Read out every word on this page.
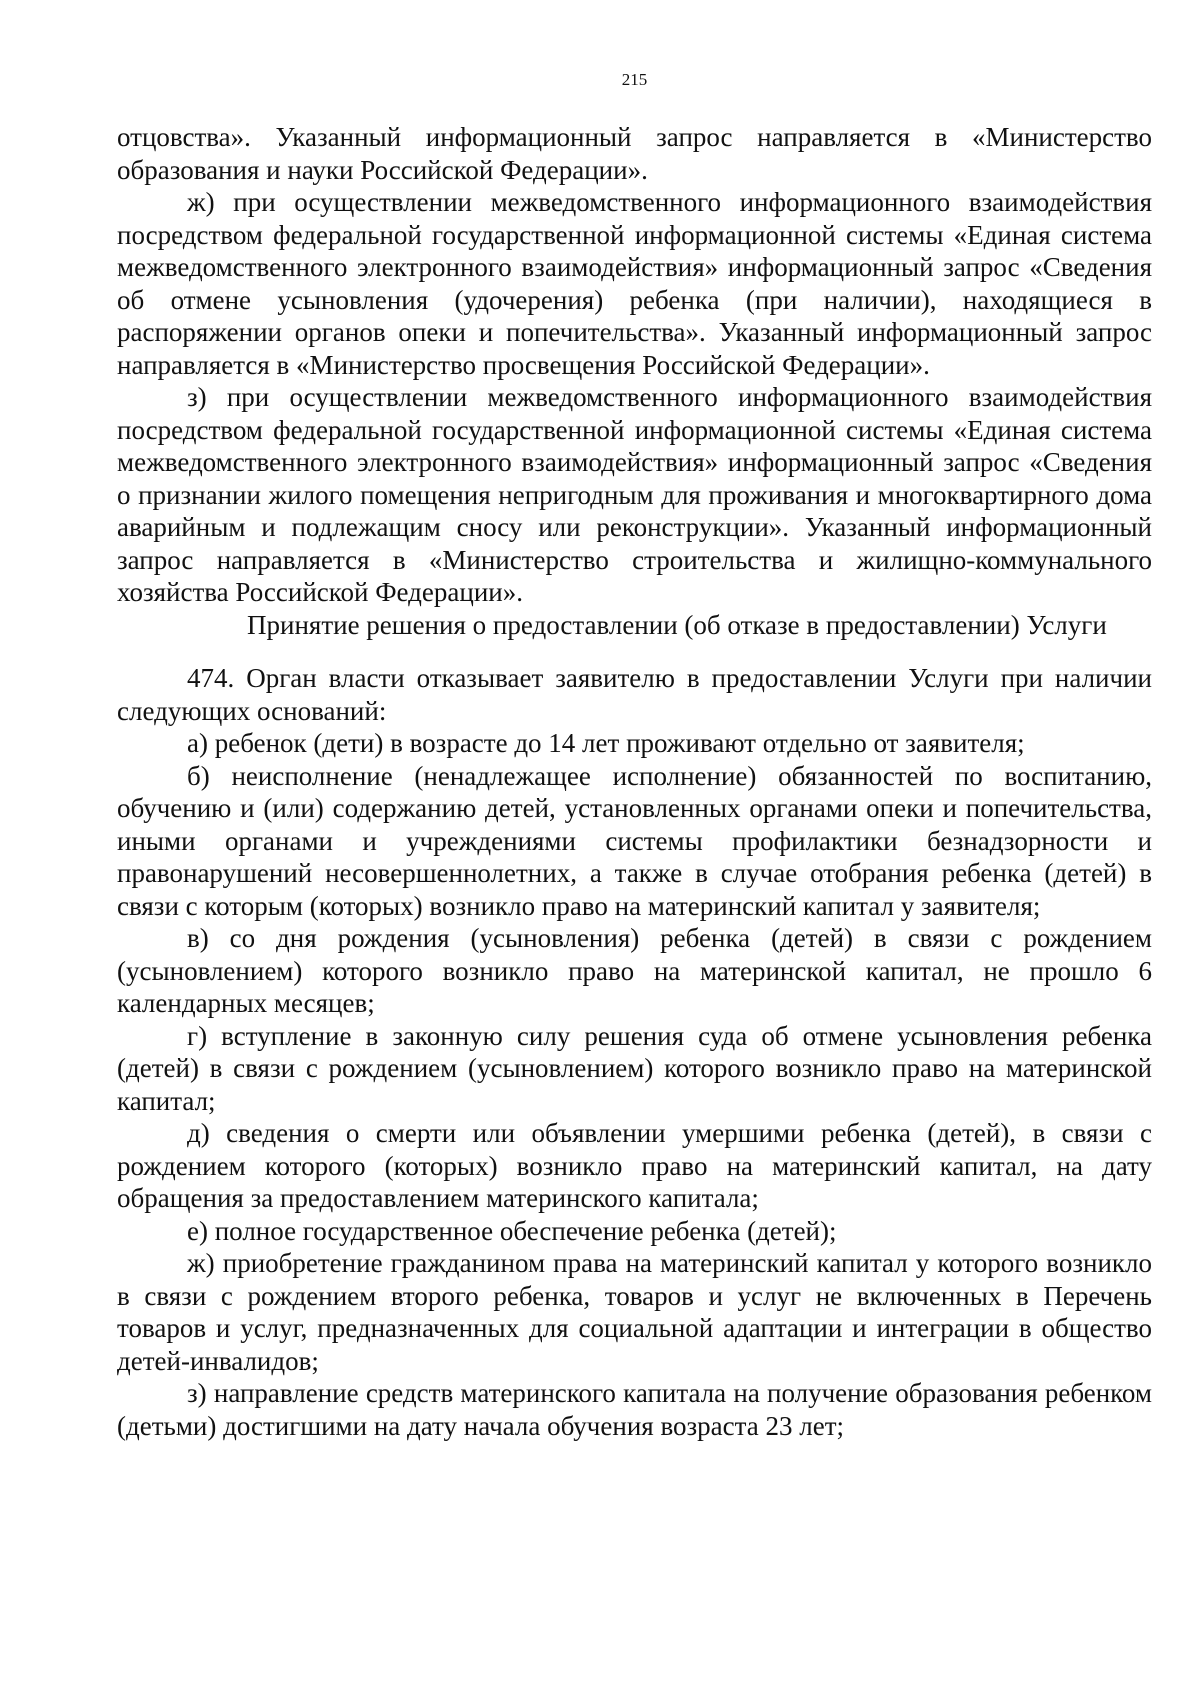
215

отцовства». Указанный информационный запрос направляется в «Министерство образования и науки Российской Федерации».

ж) при осуществлении межведомственного информационного взаимодействия посредством федеральной государственной информационной системы «Единая система межведомственного электронного взаимодействия» информационный запрос «Сведения об отмене усыновления (удочерения) ребенка (при наличии), находящиеся в распоряжении органов опеки и попечительства». Указанный информационный запрос направляется в «Министерство просвещения Российской Федерации».

з) при осуществлении межведомственного информационного взаимодействия посредством федеральной государственной информационной системы «Единая система межведомственного электронного взаимодействия» информационный запрос «Сведения о признании жилого помещения непригодным для проживания и многоквартирного дома аварийным и подлежащим сносу или реконструкции». Указанный информационный запрос направляется в «Министерство строительства и жилищно-коммунального хозяйства Российской Федерации».

Принятие решения о предоставлении (об отказе в предоставлении) Услуги

474. Орган власти отказывает заявителю в предоставлении Услуги при наличии следующих оснований:

а) ребенок (дети) в возрасте до 14 лет проживают отдельно от заявителя;

б) неисполнение (ненадлежащее исполнение) обязанностей по воспитанию, обучению и (или) содержанию детей, установленных органами опеки и попечительства, иными органами и учреждениями системы профилактики безнадзорности и правонарушений несовершеннолетних, а также в случае отобрания ребенка (детей) в связи с которым (которых) возникло право на материнский капитал у заявителя;

в) со дня рождения (усыновления) ребенка (детей) в связи с рождением (усыновлением) которого возникло право на материнской капитал, не прошло 6 календарных месяцев;

г) вступление в законную силу решения суда об отмене усыновления ребенка (детей) в связи с рождением (усыновлением) которого возникло право на материнской капитал;

д) сведения о смерти или объявлении умершими ребенка (детей), в связи с рождением которого (которых) возникло право на материнский капитал, на дату обращения за предоставлением материнского капитала;

е) полное государственное обеспечение ребенка (детей);

ж) приобретение гражданином права на материнский капитал у которого возникло в связи с рождением второго ребенка, товаров и услуг не включенных в Перечень товаров и услуг, предназначенных для социальной адаптации и интеграции в общество детей-инвалидов;

з) направление средств материнского капитала на получение образования ребенком (детьми) достигшими на дату начала обучения возраста 23 лет;
